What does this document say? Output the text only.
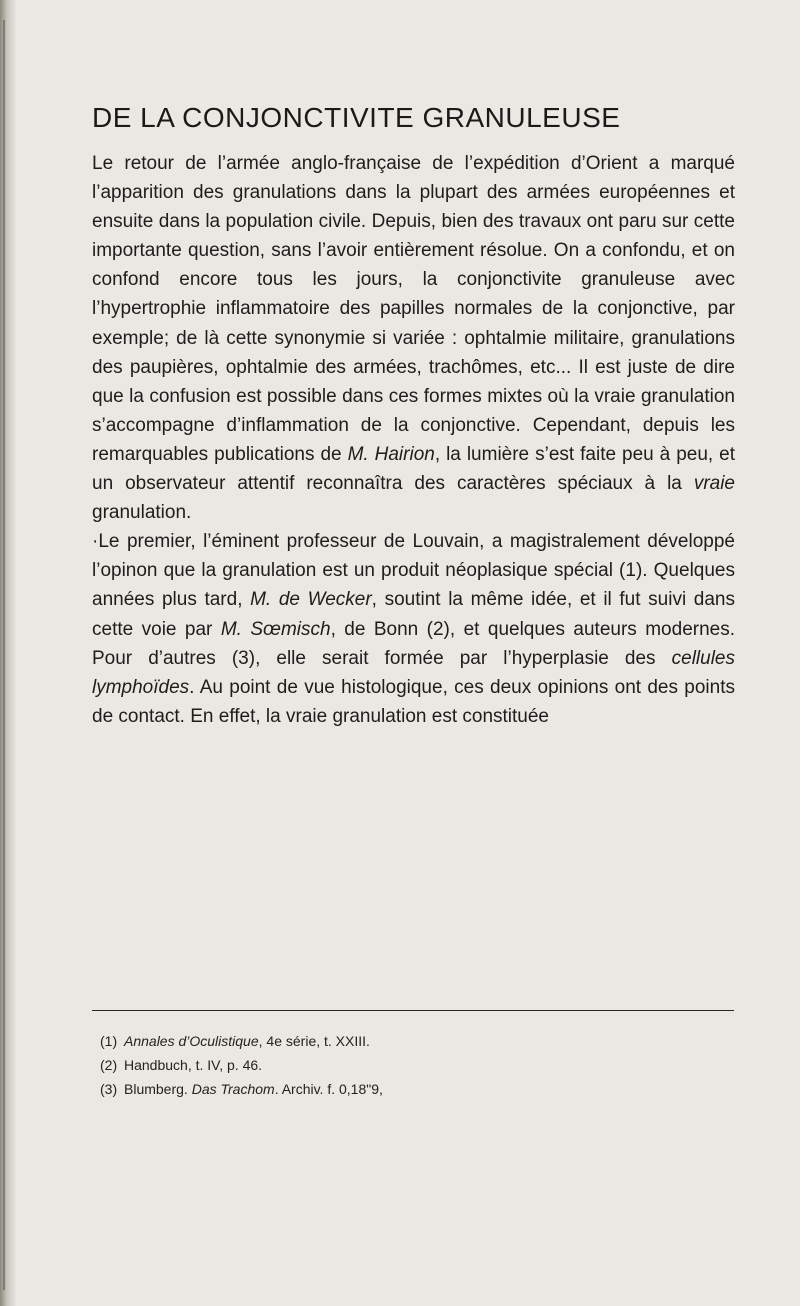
DE LA CONJONCTIVITE GRANULEUSE

Le retour de l’armée anglo-française de l’expédition d’Orient a marqué l’apparition des granulations dans la plupart des armées européennes et ensuite dans la population civile. Depuis, bien des travaux ont paru sur cette importante question, sans l’avoir entièrement résolue. On a confondu, et on confond encore tous les jours, la conjonctivite granuleuse avec l’hypertrophie inflammatoire des papilles normales de la conjonctive, par exemple; de là cette synonymie si variée : ophtalmie militaire, granulations des paupières, ophtalmie des armées, trachômes, etc... Il est juste de dire que la confusion est possible dans ces formes mixtes où la vraie granulation s’accompagne d’inflammation de la conjonctive. Cependant, depuis les remarquables publications de M. Hairion, la lumière s’est faite peu à peu, et un observateur attentif reconnaîtra des caractères spéciaux à la vraie granulation.

·Le premier, l’éminent professeur de Louvain, a magistralement développé l’opinon que la granulation est un produit néoplasique spécial (1). Quelques années plus tard, M. de Wecker, soutint la même idée, et il fut suivi dans cette voie par M. Sœmisch, de Bonn (2), et quelques auteurs modernes. Pour d’autres (3), elle serait formée par l’hyperplasie des cellules lymphoïdes. Au point de vue histologique, ces deux opinions ont des points de contact. En effet, la vraie granulation est constituée

(1) Annales d’Oculistique, 4e série, t. XXIII.
(2) Handbuch, t. IV, p. 46.
(3) Blumberg. Das Trachom. Archiv. f. 0,18"9,
